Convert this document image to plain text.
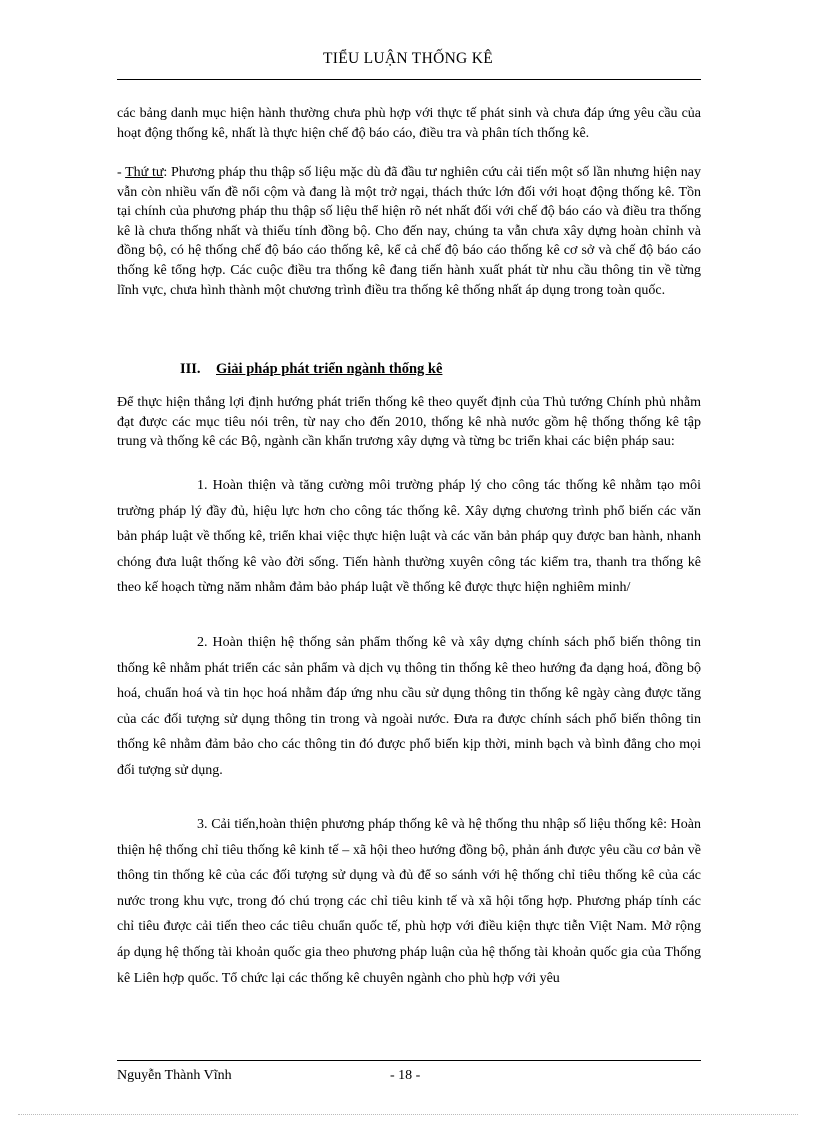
TIỂU LUẬN THỐNG KÊ
các bảng danh mục hiện hành thường chưa phù hợp với thực tế phát sinh và chưa đáp ứng yêu cầu của hoạt động thống kê, nhất là thực hiện chế độ báo cáo, điều tra và phân tích thống kê.
- Thứ tư: Phương pháp thu thập số liệu mặc dù đã đầu tư nghiên cứu cải tiến một số lần nhưng hiện nay vẫn còn nhiều vấn đề nổi cộm và đang là một trở ngại, thách thức lớn đối với hoạt động thống kê. Tồn tại chính của phương pháp thu thập số liệu thể hiện rõ nét nhất đối với chế độ báo cáo và điều tra thống kê là chưa thống nhất và thiếu tính đồng bộ. Cho đến nay, chúng ta vẫn chưa xây dựng hoàn chỉnh và đồng bộ, có hệ thống chế độ báo cáo thống kê, kể cả chế độ báo cáo thống kê cơ sở và chế độ báo cáo thống kê tổng hợp. Các cuộc điều tra thống kê đang tiến hành xuất phát từ nhu cầu thông tin về từng lĩnh vực, chưa hình thành một chương trình điều tra thống kê thống nhất áp dụng trong toàn quốc.
III. Giải pháp phát triển ngành thống kê
Để thực hiện thắng lợi định hướng phát triển thống kê theo quyết định của Thủ tướng Chính phủ nhằm đạt được các mục tiêu nói trên, từ nay cho đến 2010, thống kê nhà nước gồm hệ thống thống kê tập trung và thống kê các Bộ, ngành cần khẩn trương xây dựng và từng bc triển khai các biện pháp sau:
1. Hoàn thiện và tăng cường môi trường pháp lý cho công tác thống kê nhằm tạo môi trường pháp lý đầy đủ, hiệu lực hơn cho công tác thống kê. Xây dựng chương trình phổ biến các văn bản pháp luật về thống kê, triển khai việc thực hiện luật và các văn bản pháp quy được ban hành, nhanh chóng đưa luật thống kê vào đời sống. Tiến hành thường xuyên công tác kiểm tra, thanh tra thống kê theo kế hoạch từng năm nhằm đảm bảo pháp luật về thống kê được thực hiện nghiêm minh/
2. Hoàn thiện hệ thống sản phẩm thống kê và xây dựng chính sách phổ biến thông tin thống kê nhằm phát triển các sản phẩm và dịch vụ thông tin thống kê theo hướng đa dạng hoá, đồng bộ hoá, chuẩn hoá và tin học hoá nhằm đáp ứng nhu cầu sử dụng thông tin thống kê ngày càng được tăng của các đối tượng sử dụng thông tin trong và ngoài nước. Đưa ra được chính sách phổ biến thông tin thống kê nhằm đảm bảo cho các thông tin đó được phổ biến kịp thời, minh bạch và bình đẳng cho mọi đối tượng sử dụng.
3. Cải tiến,hoàn thiện phương pháp thống kê và hệ thống thu nhập số liệu thống kê: Hoàn thiện hệ thống chỉ tiêu thống kê kinh tế – xã hội theo hướng đồng bộ, phản ánh được yêu cầu cơ bản về thông tin thống kê của các đối tượng sử dụng và đủ để so sánh với hệ thống chỉ tiêu thống kê của các nước trong khu vực, trong đó chú trọng các chỉ tiêu kinh tế và xã hội tổng hợp. Phương pháp tính các chỉ tiêu được cải tiến theo các tiêu chuẩn quốc tế, phù hợp với điều kiện thực tiễn Việt Nam. Mở rộng áp dụng hệ thống tài khoản quốc gia theo phương pháp luận của hệ thống tài khoản quốc gia của Thống kê Liên hợp quốc. Tổ chức lại các thống kê chuyên ngành cho phù hợp với yêu
Nguyễn Thành Vĩnh	- 18 -
